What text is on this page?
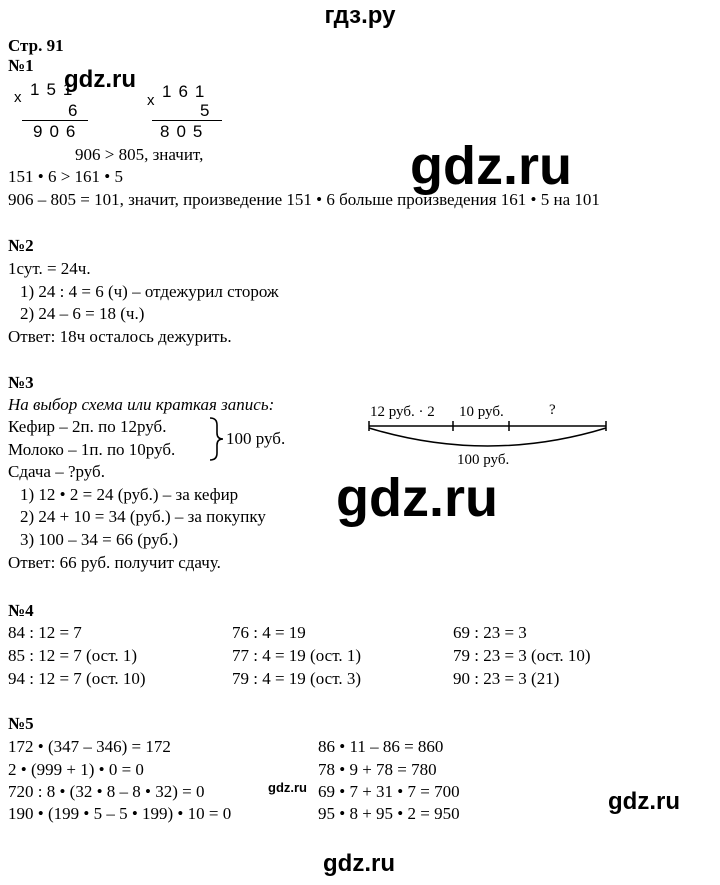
гдз.ру
Стр. 91
№1
x 151
6
906
x 161
5
805
906 > 805, значит,
151 • 6 > 161 • 5
906 – 805 = 101, значит, произведение 151 • 6 больше произведения 161 • 5 на 101
№2
1сут. = 24ч.
1) 24 : 4 = 6 (ч) – отдежурил сторож
2) 24 – 6 = 18 (ч.)
Ответ: 18ч осталось дежурить.
№3
На выбор схема или краткая запись:
Кефир – 2п. по 12руб.
Молоко – 1п. по 10руб.
100 руб.
Сдача – ?руб.
1) 12 • 2 = 24 (руб.) – за кефир
2) 24 + 10 = 34 (руб.) – за покупку
3) 100 – 34 = 66 (руб.)
Ответ: 66 руб. получит сдачу.
12 руб. · 2 10 руб.	?
100 руб.
№4
84 : 12 = 7	76 : 4 = 19	69 : 23 = 3
85 : 12 = 7 (ост. 1)	77 : 4 = 19 (ост. 1)	79 : 23 = 3 (ост. 10)
94 : 12 = 7 (ост. 10)	79 : 4 = 19 (ост. 3)	90 : 23 = 3 (21)
№5
172 • (347 – 346) = 172	86 • 11 – 86 = 860
2 • (999 + 1) • 0 = 0	78 • 9 + 78 = 780
720 : 8 • (32 • 8 – 8 • 32) = 0	69 • 7 + 31 • 7 = 700
190 • (199 • 5 – 5 • 199) • 10 = 0	95 • 8 + 95 • 2 = 950
gdz.ru
gdz.ru
gdz.ru
gdz.ru
gdz.ru
gdz.ru
